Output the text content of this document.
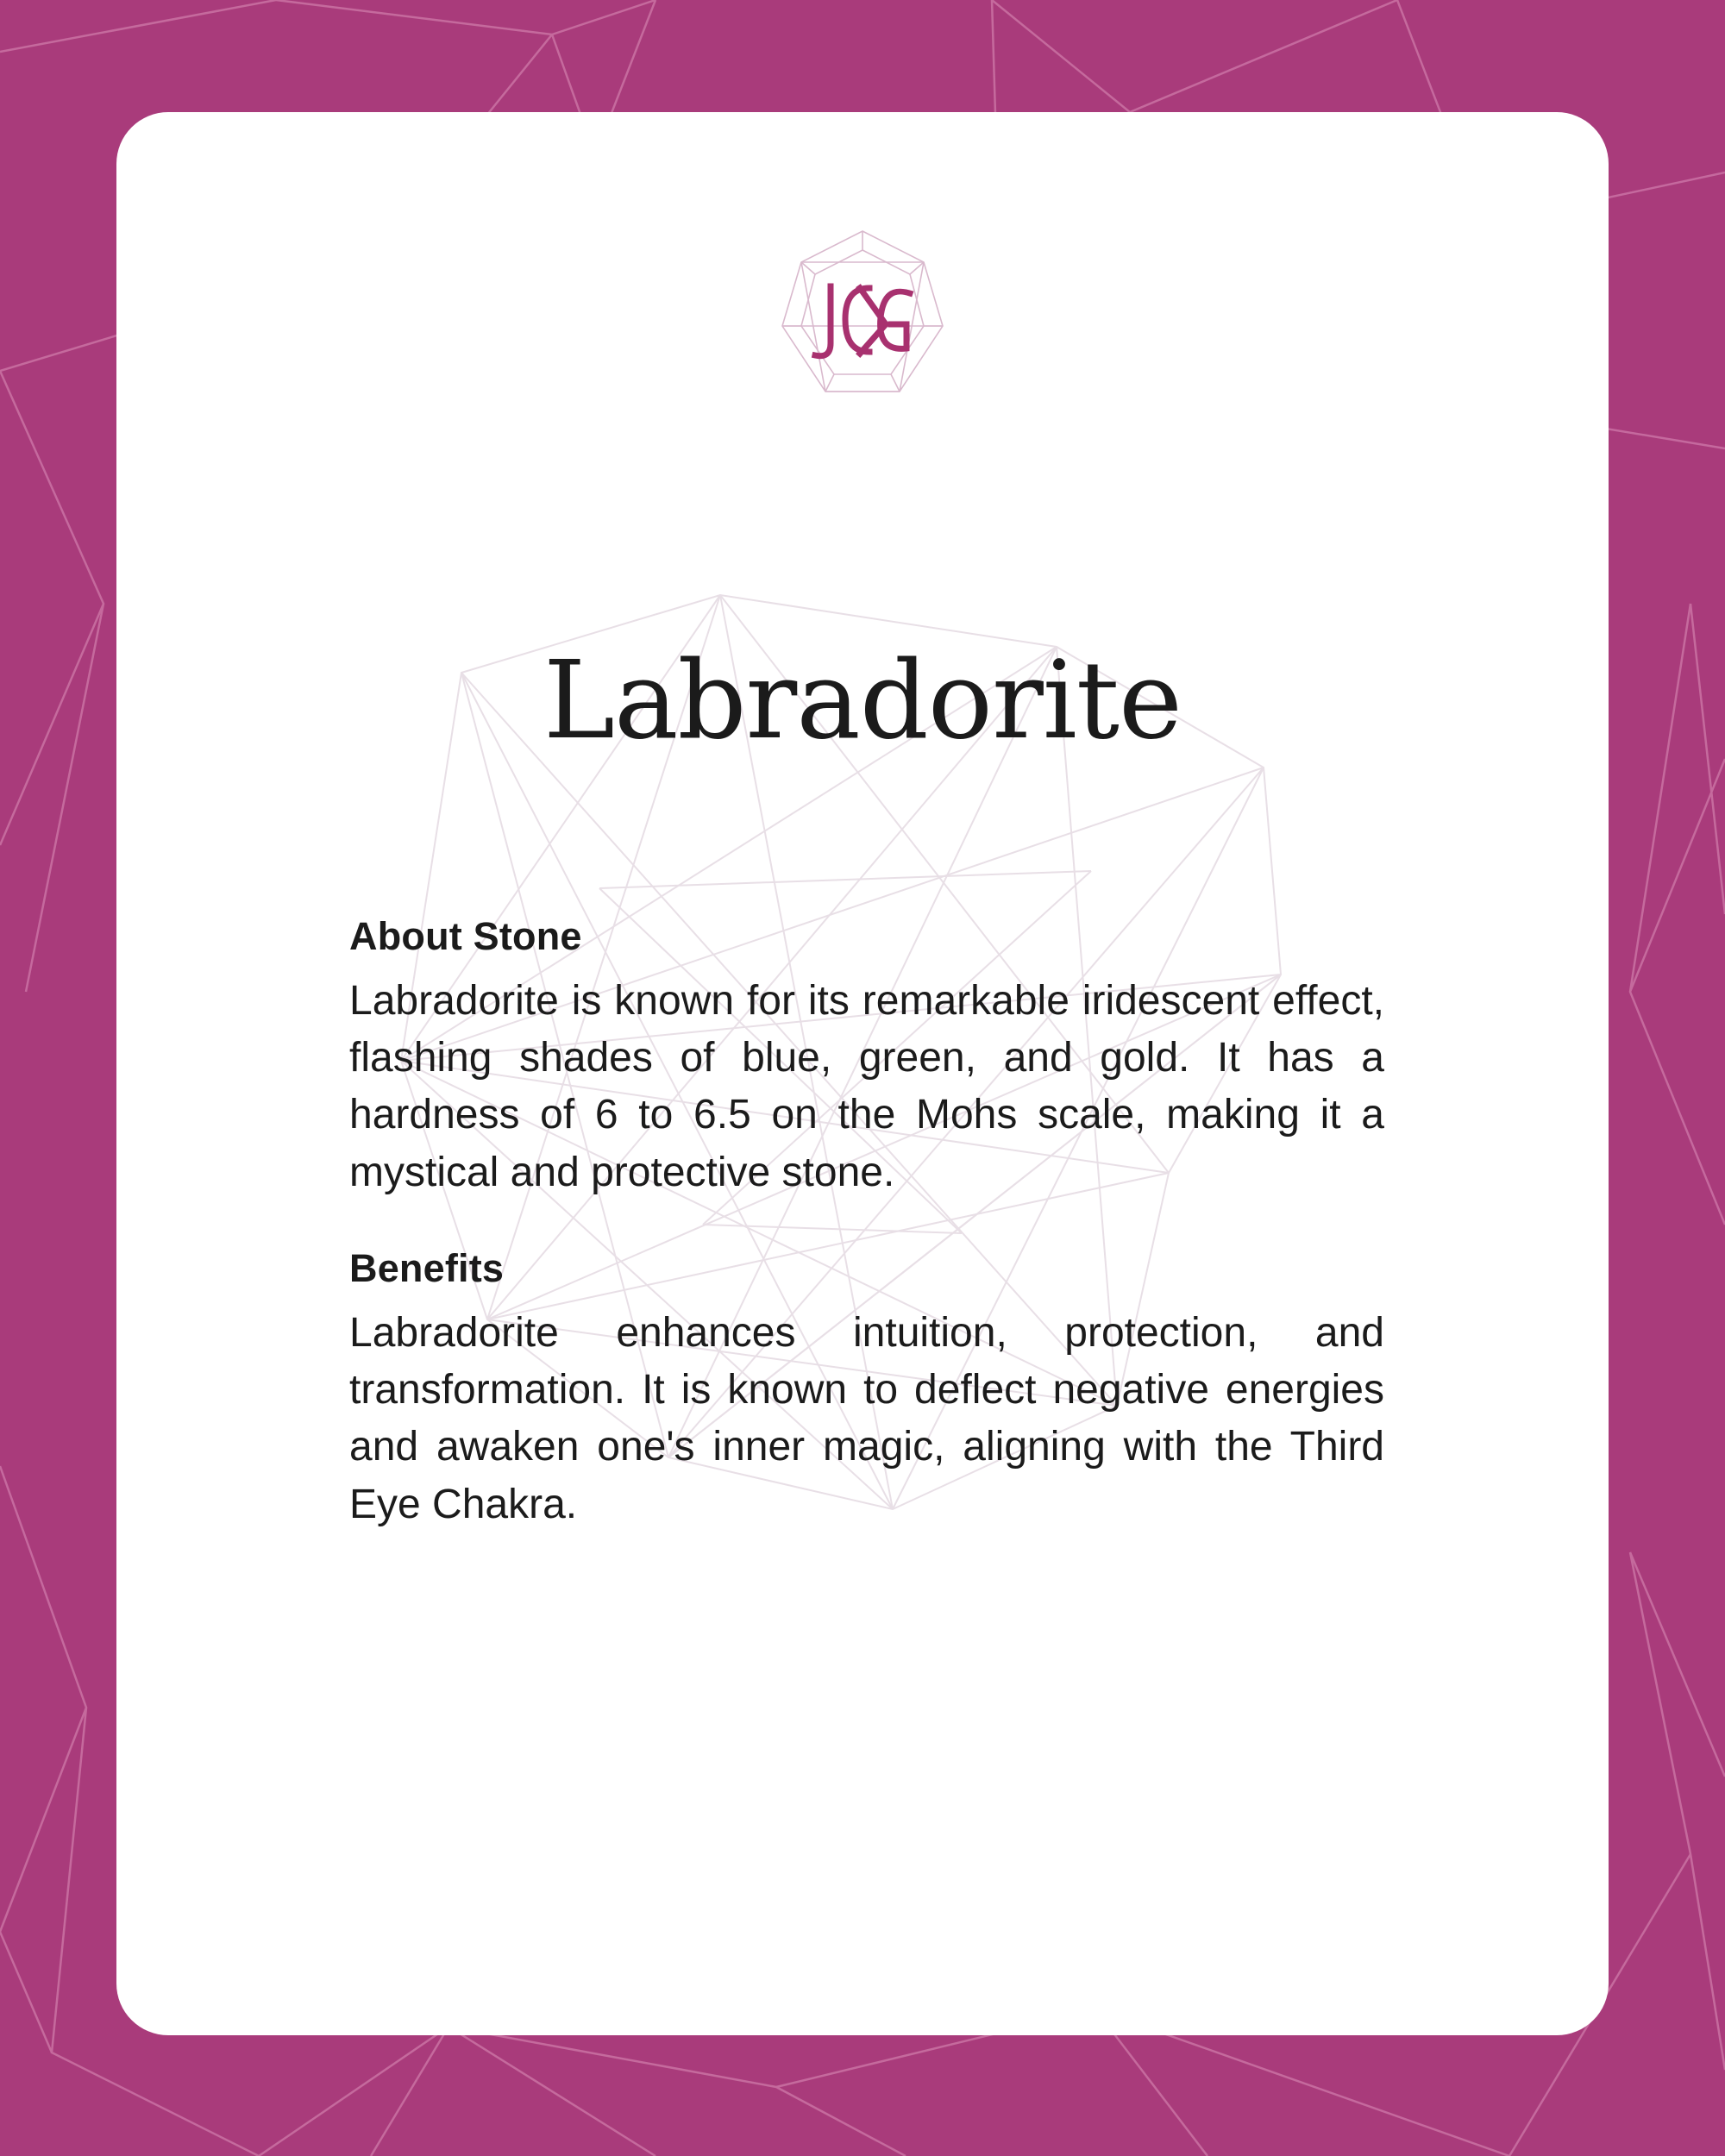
Labradorite
About Stone

Labradorite is known for its remarkable iridescent effect, flashing shades of blue, green, and gold. It has a hardness of 6 to 6.5 on the Mohs scale, making it a mystical and protective stone.

Benefits

Labradorite enhances intuition, protection, and transformation. It is known to deflect negative energies and awaken one's inner magic, aligning with the Third Eye Chakra.
